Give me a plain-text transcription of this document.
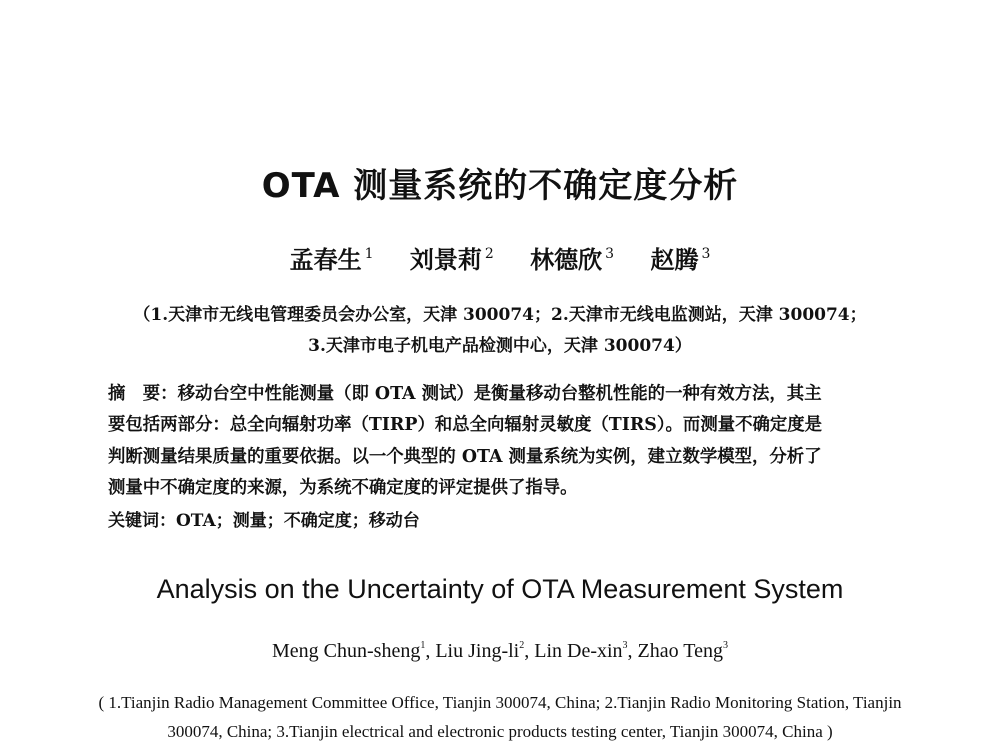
OTA 测量系统的不确定度分析
孟春生 $^1$ 刘景莉 $^2$ 林德欣 $^3$ 赵腾 $^3$
（1.天津市无线电管理委员会办公室，天津 300074；2.天津市无线电监测站，天津 300074；
3.天津市电子机电产品检测中心，天津 300074）
摘　要：移动台空中性能测量（即 OTA 测试）是衡量移动台整机性能的一种有效方法，其主
要包括两部分：总全向辐射功率（TIRP）和总全向辐射灵敏度（TIRS）。而测量不确定度是
判断测量结果质量的重要依据。以一个典型的 OTA 测量系统为实例，建立数学模型，分析了
测量中不确定度的来源，为系统不确定度的评定提供了指导。
关键词：OTA；测量；不确定度；移动台
Analysis on the Uncertainty of OTA Measurement System
Meng Chun-sheng$^1$, Liu Jing-$li^2$, Lin De-xin$^3$, Zhao Teng$^3$
( 1.Tianjin Radio Management Committee Office, Tianjin 300074, China; 2.Tianjin Radio Monitoring Station, Tianjin
300074, China; 3.Tianjin electrical and electronic products testing center, Tianjin 300074, China )
